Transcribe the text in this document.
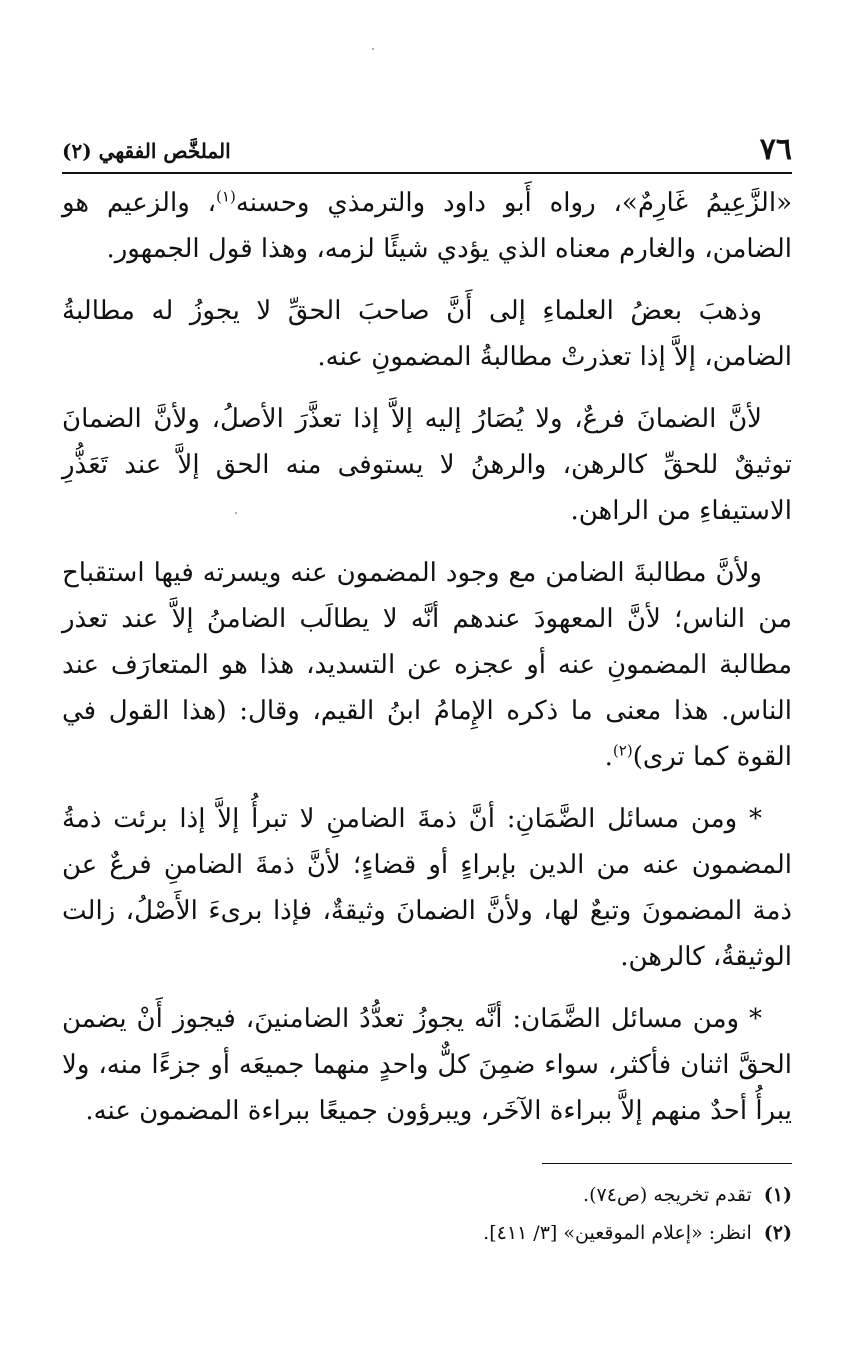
٧٦
الملخَّص الفقهي (٢)

«الزَّعِيمُ غَارِمٌ»، رواه أَبو داود والترمذي وحسنه$^{(١)}$، والزعيم هو الضامن، والغارم معناه الذي يؤدي شيئًا لزمه، وهذا قول الجمهور.

وذهبَ بعضُ العلماءِ إلى أَنَّ صاحبَ الحقِّ لا يجوزُ له مطالبةُ الضامن، إلاَّ إذا تعذرتْ مطالبةُ المضمونِ عنه.

لأنَّ الضمانَ فرعٌ، ولا يُصَارُ إليه إلاَّ إذا تعذَّرَ الأصلُ، ولأنَّ الضمانَ توثيقٌ للحقِّ كالرهن، والرهنُ لا يستوفى منه الحق إلاَّ عند تَعَذُّرِ الاستيفاءِ من الراهن.

ولأنَّ مطالبةَ الضامن مع وجود المضمون عنه ويسرته فيها استقباح من الناس؛ لأنَّ المعهودَ عندهم أنَّه لا يطالَب الضامنُ إلاَّ عند تعذر مطالبة المضمونِ عنه أو عجزه عن التسديد، هذا هو المتعارَف عند الناس. هذا معنى ما ذكره الإِمامُ ابنُ القيم، وقال: (هذا القول في القوة كما ترى)$^{(٢)}$.

* ومن مسائل الضَّمَانِ: أنَّ ذمةَ الضامنِ لا تبرأُ إلاَّ إذا برئت ذمةُ المضمون عنه من الدين بإبراءٍ أو قضاءٍ؛ لأنَّ ذمةَ الضامنِ فرعٌ عن ذمة المضمونَ وتبعٌ لها، ولأنَّ الضمانَ وثيقةٌ، فإذا برىءَ الأَصْلُ، زالت الوثيقةُ، كالرهن.

* ومن مسائل الضَّمَان: أنَّه يجوزُ تعدُّدُ الضامنينَ، فيجوز أَنْ يضمن الحقَّ اثنان فأكثر، سواء ضمِنَ كلٌّ واحدٍ منهما جميعَه أو جزءًا منه، ولا يبرأُ أحدٌ منهم إلاَّ ببراءة الآخَر، ويبرؤون جميعًا ببراءة المضمون عنه.

(١)تقدم تخريجه (ص٧٤).

(٢)انظر: «إعلام الموقعين» [٣/ ٤١١].
